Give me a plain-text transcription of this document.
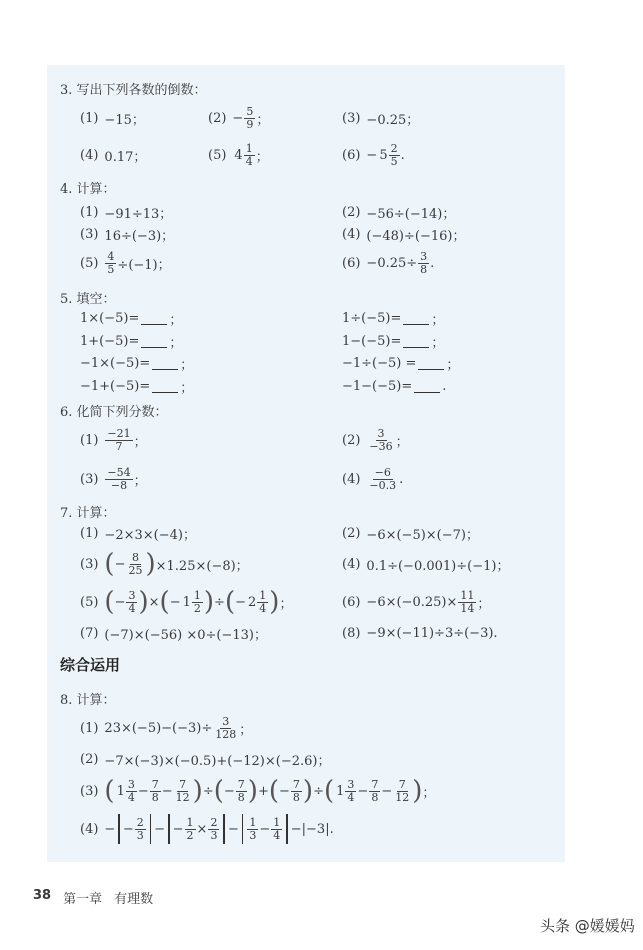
3. 写出下列各数的倒数：
(1) −15；	$(2) - \frac{5}{9}$ ；	(3) −0.25；
(4) 0.17；	(5) $4 \frac{1}{4}$ ；	$(6) - 5 \frac{2}{5}$ .
4. 计算：
(1) −91÷13；	(2) −56÷(−14)；
(3) 16÷(−3)；	(4) (−48)÷(−16)；
$(5) \frac{4}{5} \div(-1)$；	$(6) -0.25\div \frac{3}{8}$ .
5. 填空：
1×(−5)= ；	1÷(−5)= ；
1+(−5)= ；	1−(−5)= ；
−1×(−5)= ；	−1÷(−5) = ；
−1+(−5)= ；	−1−(−5)= .
6. 化简下列分数：
$(1) \frac{-21}{7}$ ；	$(2) \frac{3}{-36}$ ；
$(3) \frac{-54}{-8}$ ；	$(4) \frac{-6}{-0.3}$ .
7. 计算：
(1) −2×3×(−4)；	(2) −6×(−5)×(−7)；
(3) ( − $\frac{8}{25}$ ) ×1.25×(−8)；	(4) 0.1÷(−0.001)÷(−1)；
(5) ( − $\frac{3}{4}$ ) × ( − $1 \frac{1}{2}$ ) ÷ ( − $2 \frac{1}{4}$ ) ；	$(6) -6\times(-0.25)\times \frac{11}{14}$ ；
(7) (−7)×(−56) ×0÷(−13)；	(8) −9×(−11)÷3÷(−3).
综合运用
8. 计算：
(1) $23\times(-5)-(-3)\div \frac{3}{128}$ ；
(2) −7×(−3)×(−0.5)+(−12)×(−2.6)；
(3) ( $1 \frac{3}{4} - \frac{7}{8} - \frac{7}{12}$ ) ÷ ( − $\frac{7}{8}$ ) + ( − $\frac{7}{8}$ ) ÷ ( $1 \frac{3}{4} - \frac{7}{8} - \frac{7}{12}$ ) ；
(4) − − $\frac{2}{3}$ − − $\frac{1}{2} \times \frac{2}{3} - \frac{1}{3} - \frac{1}{4} -|-3|$.
38 第一章 有理数
头条 @媛媛妈
